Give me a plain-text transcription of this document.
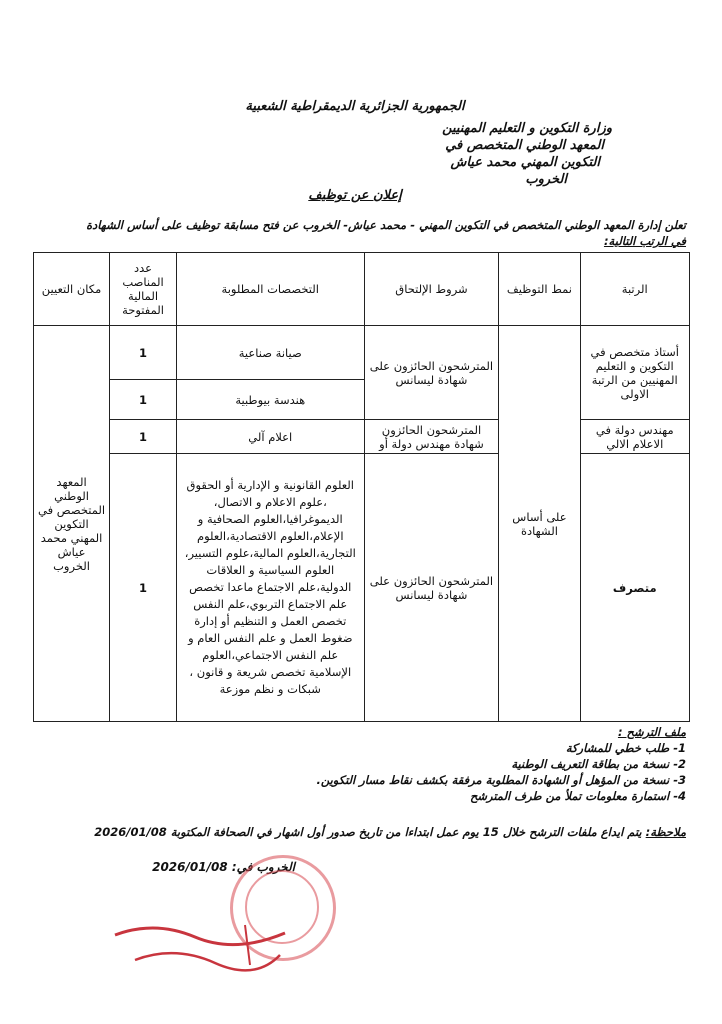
الجمهورية الجزائرية الديمقراطية الشعبية
وزارة التكوين و التعليم المهنيين
المعهد الوطني المتخصص في
التكوين المهني محمد عياش
الخروب
إعلان عن توظيف
تعلن إدارة المعهد الوطني المتخصص في التكوين المهني - محمد عياش- الخروب عن فتح مسابقة توظيف على أساس الشهادة
في الرتب التالية:
الرتبة	نمط التوظيف	شروط الإلتحاق	التخصصات المطلوبة	عدد المناصب المالية المفتوحة	مكان التعيين
أستاذ متخصص في التكوين و التعليم المهنيين من الرتبة الاولى	على أساس الشهادة	المترشحون الحائزون على شهادة ليسانس	صيانة صناعية	1	المعهد الوطني المتخصص في التكوين المهني محمد عياش الخروب
			هندسة بيوطبية	1	
مهندس دولة في الاعلام الالي		المترشحون الحائزون شهادة مهندس دولة أو	اعلام آلي	1	
متصرف		المترشحون الحائزون على شهادة ليسانس	العلوم القانونية و الإدارية أو الحقوق ،علوم الاعلام و الاتصال، الديموغرافيا،العلوم الصحافية و الإعلام،العلوم الاقتصادية،العلوم التجارية،العلوم المالية،علوم التسيير، العلوم السياسية و العلاقات الدولية،علم الاجتماع ماعدا تخصص علم الاجتماع التربوي،علم النفس تخصص العمل و التنظيم أو إدارة ضغوط العمل و علم النفس العام و علم النفس الاجتماعي،العلوم الإسلامية تخصص شريعة و قانون ، شبكات و نظم موزعة	1	
ملف الترشح :
1- طلب خطي للمشاركة
2- نسخة من بطاقة التعريف الوطنية
3- نسخة من المؤهل أو الشهادة المطلوبة مرفقة بكشف نقاط مسار التكوين.
4- استمارة معلومات تملأ من طرف المترشح
ملاحظة: يتم ايداع ملفات الترشح خلال 15 يوم عمل ابتداءا من تاريخ صدور أول اشهار في الصحافة المكتوبة 2026/01/08
الخروب في: 2026/01/08
